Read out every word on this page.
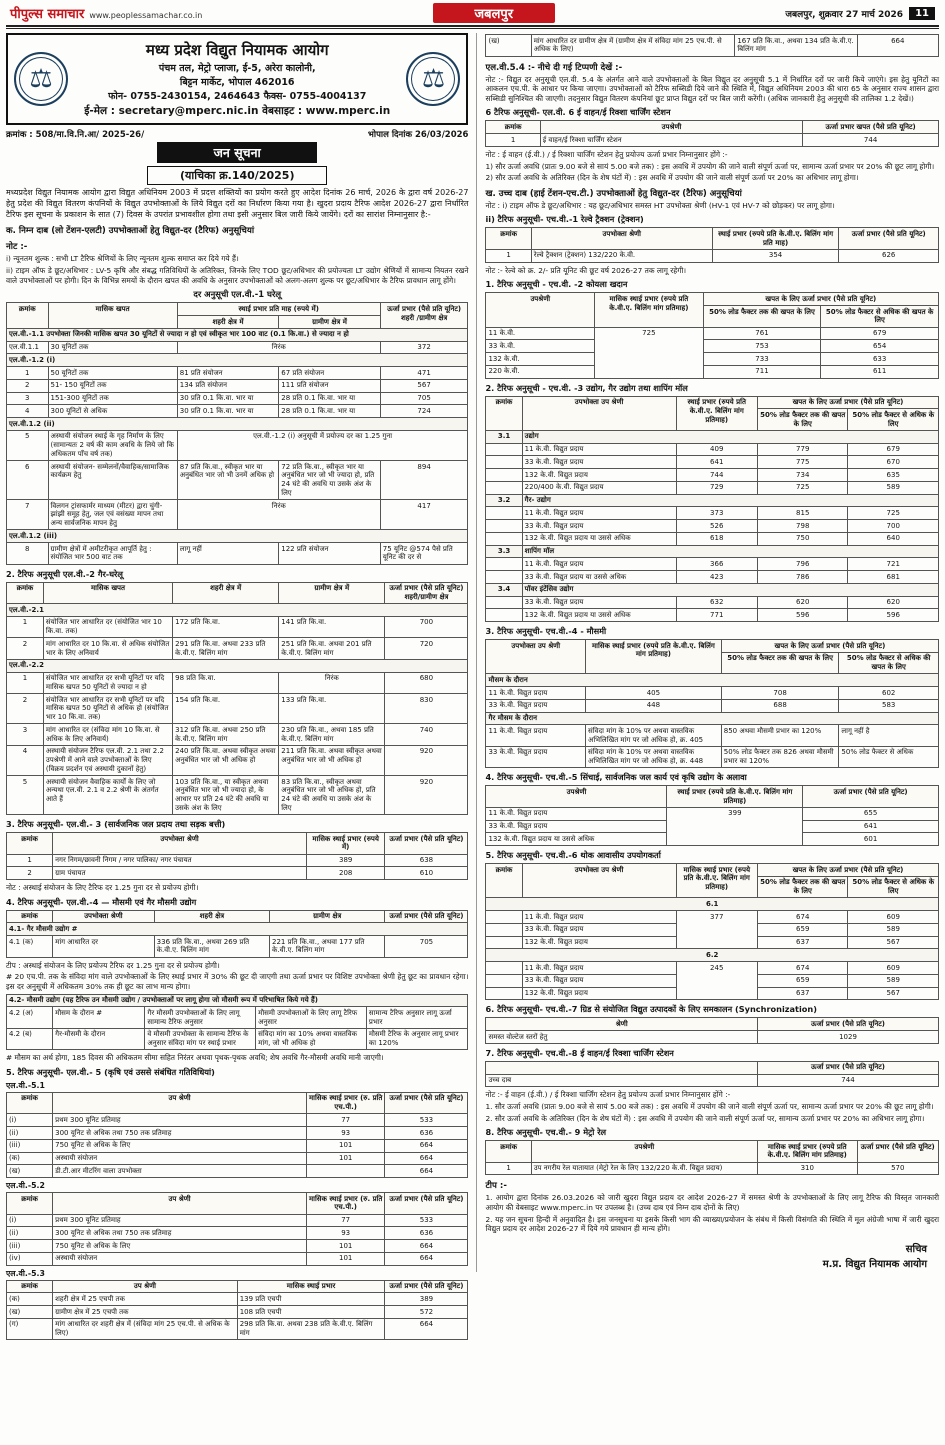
पीपुल्स समाचार www.peoplessamachar.co.in	जबलपुर	जबलपुर, शुक्रवार 27 मार्च 2026	11
⚖
मध्य प्रदेश विद्युत नियामक आयोग
पंचम तल, मेट्रो प्लाजा, ई-5, अरेरा कालोनी,
बिट्टन मार्केट, भोपाल 462016
फोन- 0755-2430154, 2464643 फैक्स- 0755-4004137
ई-मेल : secretary@mperc.nic.in वेबसाइट : www.mperc.in
⚖
क्रमांक : 508/मा.वि.नि.आ/ 2025-26/	भोपाल दिनांक 26/03/2026
जन सूचना
(याचिका क्र.140/2025)

मध्यप्रदेश विद्युत नियामक आयोग द्वारा विद्युत अधिनियम 2003 में प्रदत्त शक्तियों का प्रयोग करते हुए आदेश दिनांक 26 मार्च, 2026 के द्वारा वर्ष 2026-27 हेतु प्रदेश की विद्युत वितरण कंपनियों के विद्युत उपभोक्ताओं के लिये विद्युत दरों का निर्धारण किया गया है। खुदरा प्रदाय टैरिफ आदेश 2026-27 द्वारा निर्धारित टैरिफ इस सूचना के प्रकाशन के सात (7) दिवस के उपरांत प्रभावशील होगा तथा इसी अनुसार बिल जारी किये जायेंगे। दरों का सारांश निम्नानुसार है:-

क. निम्न दाब (लो टेंशन-एलटी) उपभोक्ताओं हेतु विद्युत-दर (टैरिफ) अनुसूचियां
नोट :-

i) न्यूनतम शुल्क : सभी LT टैरिफ श्रेणियों के लिए न्यूनतम शुल्क समाप्त कर दिये गये हैं।

ii) टाइम ऑफ डे छूट/अधिभार : LV-5 कृषि और संबद्ध गतिविधियों के अतिरिक्त, जिनके लिए TOD छूट/अधिभार की प्रयोज्यता LT उद्योग श्रेणियों में सामान्य नियतन रखने वाले उपभोक्ताओं पर होगी। दिन के विभिन्न समयों के दौरान खपत की अवधि के अनुसार उपभोक्ताओं को अलग-अलग शुल्क पर छूट/अधिभार के टैरिफ प्रावधान लागू होंगे।

दर अनुसूची एल.वी.-1 घरेलू
क्रमांक	मासिक खपत	स्थाई प्रभार प्रति माह (रुपये में)		ऊर्जा प्रभार (पैसे प्रति यूनिट) शहरी /ग्रामीण क्षेत्र
		शहरी क्षेत्र में	ग्रामीण क्षेत्र में	
एल.वी.-1.1 उपभोक्ता जिनकी मासिक खपत 30 यूनिटों से ज्यादा न हो एवं स्वीकृत भार 100 वाट (0.1 कि.वा.) से ज्यादा न हो				
एल.वी.1.1	30 यूनिटों तक	निरंक		372
एल.वी.-1.2 (i)				
1	50 यूनिटों तक	81 प्रति संयोजन	67 प्रति संयोजन	471
2	51- 150 यूनिटों तक	134 प्रति संयोजन	111 प्रति संयोजन	567
3	151-300 यूनिटों तक	30 प्रति 0.1 कि.वा. भार या	28 प्रति 0.1 कि.वा. भार या	705
4	300 यूनिटों से अधिक	30 प्रति 0.1 कि.वा. भार या	28 प्रति 0.1 कि.वा. भार या	724
एल.वी.1.2 (ii)				
5	अस्थायी संयोजन स्थाई के गृह निर्माण के लिए (सामान्यतः 2 वर्ष की काम अवधि के लिये जो कि अधिकतम पाँच वर्ष तक)	एल.वी.-1.2 (i) अनुसूची में प्रयोज्य दर का 1.25 गुना		
6	अस्थायी संयोजन- सम्मेलनों/वैवाहिक/सामाजिक कार्यक्रम हेतु	87 प्रति कि.वा., स्वीकृत भार या अनुबंधित भार जो भी उनमें अधिक हो	72 प्रति कि.वा., स्वीकृत भार या अनुबंधित भार जो भी ज्यादा हो, प्रति 24 घंटे की अवधि या उसके अंश के लिए	894
7	विलगन ट्रांसफार्मर माध्यम (मीटर) द्वारा चुंगी-झांझी समूह हेतु, जल एवं वसंख्या मापन तथा अन्य सार्वजनिक मापन हेतु	निरंक		417
एल.वी.1.2 (iii)				
8	ग्रामीण क्षेत्रों में अमीटरीकृत आपूर्ति हेतु : संयोजित भार 500 वाट तक	लागू नहीं	122 प्रति संयोजन	75 यूनिट @574 पैसे प्रति यूनिट की दर से
2. टैरिफ अनुसूची एल.वी.-2 गैर-घरेलू
क्रमांक	मासिक खपत	शहरी क्षेत्र में	ग्रामीण क्षेत्र में	ऊर्जा प्रभार (पैसे प्रति यूनिट) शहरी/ग्रामीण क्षेत्र
एल.वी.-2.1				
1	संयोजित भार आधारित दर (संयोजित भार 10 कि.वा. तक)	172 प्रति कि.वा.	141 प्रति कि.वा.	700
2	मांग आधारित दर 10 कि.वा. से अधिक संयोजित भार के लिए अनिवार्य	291 प्रति कि.वा. अथवा 233 प्रति के.वी.ए. बिलिंग मांग	251 प्रति कि.वा. अथवा 201 प्रति के.वी.ए. बिलिंग मांग	720
एल.वी.-2.2				
1	संयोजित भार आधारित दर सभी यूनिटों पर यदि मासिक खपत 50 यूनिटों से ज्यादा न हो	98 प्रति कि.वा.	निरंक	680
2	संयोजित भार आधारित दर सभी यूनिटों पर यदि मासिक खपत 50 यूनिटों से अधिक हो (संयोजित भार 10 कि.वा. तक)	154 प्रति कि.वा.	133 प्रति कि.वा.	830
3	मांग आधारित दर (संविदा मांग 10 कि.वा. से अधिक के लिए अनिवार्य)	312 प्रति कि.वा. अथवा 250 प्रति के.वी.ए. बिलिंग मांग	230 प्रति कि.वा., अथवा 185 प्रति के.वी.ए. बिलिंग मांग	740
4	अस्थायी संयोजन टैरिफ एल.वी. 2.1 तथा 2.2 उपश्रेणी में आने वाले उपभोक्ताओं के लिए (विक्रय प्रदर्शन एवं अस्थायी दुकानों हेतु)	240 प्रति कि.वा. अथवा स्वीकृत अथवा अनुबंधित भार जो भी अधिक हो	211 प्रति कि.वा. अथवा स्वीकृत अथवा अनुबंधित भार जो भी अधिक हो	920
5	अस्थायी संयोजन वैवाहिक कार्यों के लिए जो अन्यथा एल.वी. 2.1 व 2.2 श्रेणी के अंतर्गत आते हैं	103 प्रति कि.वा., या स्वीकृत अथवा अनुबंधित भार जो भी ज्यादा हो, के आधार पर प्रति 24 घंटे की अवधि या उसके अंश के लिए	83 प्रति कि.वा., स्वीकृत अथवा अनुबंधित भार जो भी अधिक हो, प्रति 24 घंटे की अवधि या उसके अंश के लिए	920
3. टैरिफ अनुसूची- एल.वी.- 3 (सार्वजनिक जल प्रदाय तथा सड़क बत्ती)
क्रमांक	उपभोक्ता श्रेणी	मासिक स्थाई प्रभार (रुपये में)	ऊर्जा प्रभार (पैसे प्रति यूनिट)
1	नगर निगम/छावनी निगम / नगर पालिका/ नगर पंचायत	389	638
2	ग्राम पंचायत	208	610

नोट : अस्थाई संयोजन के लिए टैरिफ दर 1.25 गुना दर से प्रयोज्य होगी।

4. टैरिफ अनुसूची- एल.वी.-4 — मौसमी एवं गैर मौसमी उद्योग
क्रमांक	उपभोक्ता श्रेणी	शहरी क्षेत्र	ग्रामीण क्षेत्र	ऊर्जा प्रभार (पैसे प्रति यूनिट)
4.1- गैर मौसमी उद्योग #				
4.1 (क)	मांग आधारित दर	336 प्रति कि.वा., अथवा 269 प्रति के.वी.ए. बिलिंग मांग	221 प्रति कि.वा., अथवा 177 प्रति के.वी.ए. बिलिंग मांग	705

टीप : अस्थाई संयोजन के लिए प्रयोज्य टैरिफ दर 1.25 गुना दर से प्रयोज्य होगी।

# 20 एच.पी. तक के संविदा मांग वाले उपभोक्ताओं के लिए स्थाई प्रभार में 30% की छूट दी जाएगी तथा ऊर्जा प्रभार पर विशिष्ट उपभोक्ता श्रेणी हेतु छूट का प्रावधान रहेगा। इस दर अनुसूची में अधिकतम 30% तक ही छूट का लाभ मान्य होगा।

4.2- मौसमी उद्योग (यह टैरिफ उन मौसमी उद्योग / उपभोक्ताओं पर लागू होगा जो मौसमी रूप में परिभाषित किये गये हैं)				
4.2 (अ)	मौसम के दौरान #	गैर मौसमी उपभोक्ताओं के लिए लागू सामान्य टैरिफ अनुसार	मौसमी उपभोक्ताओं के लिए लागू टैरिफ अनुसार	सामान्य टैरिफ अनुसार लागू ऊर्जा प्रभार
4.2 (ब)	गैर-मौसमी के दौरान	वे मौसमी उपभोक्ता के सामान्य टैरिफ के अनुसार संविदा मांग पर स्थाई प्रभार	संविदा मांग का 10% अथवा वास्तविक मांग, जो भी अधिक हो	मौसमी टैरिफ के अनुसार लागू प्रभार का 120%

# मौसम का अर्थ होगा, 185 दिवस की अधिकतम सीमा सहित निरंतर अथवा पृथक-पृथक अवधि; शेष अवधि गैर-मौसमी अवधि मानी जाएगी।

5. टैरिफ अनुसूची- एल.वी.- 5 (कृषि एवं उससे संबंधित गतिविधियां)
एल.वी.-5.1
क्रमांक	उप श्रेणी	मासिक स्थाई प्रभार (रु. प्रति एच.पी.)	ऊर्जा प्रभार (पैसे प्रति यूनिट)
(i)	प्रथम 300 यूनिट प्रतिमाह	77	533
(ii)	300 यूनिट से अधिक तथा 750 तक प्रतिमाह	93	636
(iii)	750 यूनिट से अधिक के लिए	101	664
(क)	अस्थायी संयोजन	101	664
(ख)	डी.टी.आर मीटरिंग वाला उपभोक्ता		664
एल.वी.-5.2
क्रमांक	उप श्रेणी	मासिक स्थाई प्रभार (रु. प्रति एच.पी.)	ऊर्जा प्रभार (पैसे प्रति यूनिट)
(i)	प्रथम 300 यूनिट प्रतिमाह	77	533
(ii)	300 यूनिट से अधिक तथा 750 तक प्रतिमाह	93	636
(iii)	750 यूनिट से अधिक के लिए	101	664
(iv)	अस्थायी संयोजन	101	664
एल.वी.-5.3
क्रमांक	उप श्रेणी	मासिक स्थाई प्रभार	ऊर्जा प्रभार (पैसे प्रति यूनिट)
(क)	शहरी क्षेत्र में 25 एचपी तक	139 प्रति एचपी	389
(ख)	ग्रामीण क्षेत्र में 25 एचपी तक	108 प्रति एचपी	572
(ग)	मांग आधारित दर शहरी क्षेत्र में (संविदा मांग 25 एच.पी. से अधिक के लिए)	298 प्रति कि.वा. अथवा 238 प्रति के.वी.ए. बिलिंग मांग	664
(ख)	मांग आधारित दर ग्रामीण क्षेत्र में (ग्रामीण क्षेत्र में संविदा मांग 25 एच.पी. से अधिक के लिए)	167 प्रति कि.वा., अथवा 134 प्रति के.वी.ए. बिलिंग मांग	664
एल.वी.5.4 :- नीचे दी गई टिप्पणी देखें :-

नोट :- विद्युत दर अनुसूची एल.वी. 5.4 के अंतर्गत आने वाले उपभोक्ताओं के बिल विद्युत दर अनुसूची 5.1 में निर्धारित दरों पर जारी किये जाएंगे। इस हेतु यूनिटों का आकलन एच.पी. के आधार पर किया जाएगा। उपभोक्ताओं को टैरिफ सब्सिडी दिये जाने की स्थिति में, विद्युत अधिनियम 2003 की धारा 65 के अनुसार राज्य शासन द्वारा सब्सिडी सुनिश्चित की जाएगी। तदनुसार विद्युत वितरण कंपनियां छूट प्राप्त विद्युत दरों पर बिल जारी करेंगी। (अधिक जानकारी हेतु अनुसूची की तालिका 1.2 देखें।)

6 टैरिफ अनुसूची- एल.वी. 6 ई वाहन/ई रिक्शा चार्जिंग स्टेशन
क्रमांक	उपश्रेणी	ऊर्जा प्रभार खपत (पैसे प्रति यूनिट)
1	ई वाहन/ई रिक्शा चार्जिंग स्टेशन	744

नोट : ई वाहन (ई.वी.) / ई रिक्शा चार्जिंग स्टेशन हेतु प्रयोज्य ऊर्जा प्रभार निम्नानुसार होंगे :-

1) सौर ऊर्जा अवधि (प्रातः 9.00 बजे से सायं 5.00 बजे तक) : इस अवधि में उपयोग की जाने वाली संपूर्ण ऊर्जा पर, सामान्य ऊर्जा प्रभार पर 20% की छूट लागू होगी।

2) सौर ऊर्जा अवधि के अतिरिक्त (दिन के शेष घंटों में) : इस अवधि में उपयोग की जाने वाली संपूर्ण ऊर्जा पर 20% का अधिभार लागू होगा।

ख. उच्च दाब (हाई टेंशन-एच.टी.) उपभोक्ताओं हेतु विद्युत-दर (टैरिफ) अनुसूचियां

नोट : i) टाइम ऑफ डे छूट/अधिभार : यह छूट/अधिभार समस्त HT उपभोक्ता श्रेणी (HV-1 एवं HV-7 को छोड़कर) पर लागू होगा।

ii) टैरिफ अनुसूची- एच.वी.-1 रेल्वे ट्रैक्शन (ट्रेक्शन)
क्रमांक	उपभोक्ता श्रेणी	स्थाई प्रभार (रुपये प्रति के.वी.ए. बिलिंग मांग प्रति माह)	ऊर्जा प्रभार (पैसे प्रति यूनिट)
1	रेल्वे ट्रैक्शन (ट्रेक्शन) 132/220 के.वी.	354	626

नोट :- रेल्वे को क्र. 2/- प्रति यूनिट की छूट वर्ष 2026-27 तक लागू रहेगी।

1. टैरिफ अनुसूची - एच.वी. -2 कोयला खदान
उपश्रेणी	मासिक स्थाई प्रभार (रुपये प्रति के.वी.ए. बिलिंग मांग प्रतिमाह)	खपत के लिए ऊर्जा प्रभार (पैसे प्रति यूनिट)	
		50% लोड फैक्टर तक की खपत के लिए	50% लोड फैक्टर से अधिक की खपत के लिए
11 के.वी.	725	761	679
33 के.वी.		753	654
132 के.वी.		733	633
220 के.वी.		711	611
2. टैरिफ अनुसूची - एच.वी. -3 उद्योग, गैर उद्योग तथा शापिंग मॉल
क्रमांक	उपभोक्ता उप श्रेणी	स्थाई प्रभार (रुपये प्रति के.वी.ए. बिलिंग मांग प्रतिमाह)	खपत के लिए ऊर्जा प्रभार (पैसे प्रति यूनिट)	
			50% लोड फैक्टर तक की खपत के लिए	50% लोड फैक्टर से अधिक के लिए
3.1	उद्योग			
	11 के.वी. विद्युत प्रदाय	409	779	679
	33 के.वी. विद्युत प्रदाय	641	775	670
	132 के.वी. विद्युत प्रदाय	744	734	635
	220/400 के.वी. विद्युत प्रदाय	729	725	589
3.2	गैर- उद्योग			
	11 के.वी. विद्युत प्रदाय	373	815	725
	33 के.वी. विद्युत प्रदाय	526	798	700
	132 के.वी. विद्युत प्रदाय या उससे अधिक	618	750	640
3.3	शापिंग मॉल			
	11 के.वी. विद्युत प्रदाय	366	796	721
	33 के.वी. विद्युत प्रदाय या उससे अधिक	423	786	681
3.4	पॉवर इंटेंसिव उद्योग			
	33 के.वी. विद्युत प्रदाय	632	620	620
	132 के.वी. विद्युत प्रदाय या उससे अधिक	771	596	596
3. टैरिफ अनुसूची- एच.वी.-4 - मौसमी
उपभोक्ता उप श्रेणी	मासिक स्थाई प्रभार (रुपये प्रति के.वी.ए. बिलिंग मांग प्रतिमाह)	खपत के लिए ऊर्जा प्रभार (पैसे प्रति यूनिट)	
		50% लोड फैक्टर तक की खपत के लिए	50% लोड फैक्टर से अधिक की खपत के लिए
मौसम के दौरान			
11 के.वी. विद्युत प्रदाय	405	708	602
33 के.वी. विद्युत प्रदाय	448	688	583
गैर मौसम के दौरान			
11 के.वी. विद्युत प्रदाय	संविदा मांग के 10% पर अथवा वास्तविक अभिलिखित मांग पर जो अधिक हो, क्र. 405	850 अथवा मौसमी प्रभार का 120%	लागू नहीं है
33 के.वी. विद्युत प्रदाय	संविदा मांग के 10% पर अथवा वास्तविक अभिलिखित मांग पर जो अधिक हो, क्र. 448	50% लोड फैक्टर तक 826 अथवा मौसमी प्रभार का 120%	50% लोड फैक्टर से अधिक
4. टैरिफ अनुसूची- एच.वी.-5 सिंचाई, सार्वजनिक जल कार्य एवं कृषि उद्योग के अलावा
उपश्रेणी	स्थाई प्रभार (रुपये प्रति के.वी.ए. बिलिंग मांग प्रतिमाह)	ऊर्जा प्रभार (पैसे प्रति यूनिट)
11 के.वी. विद्युत प्रदाय	399	655
33 के.वी. विद्युत प्रदाय		641
132 के.वी. विद्युत प्रदाय या उससे अधिक		601
5. टैरिफ अनुसूची- एच.वी.-6 थोक आवासीय उपयोगकर्ता
क्रमांक	उपभोक्ता उप श्रेणी	मासिक स्थाई प्रभार (रुपये प्रति के.वी.ए. बिलिंग मांग प्रतिमाह)	खपत के लिए ऊर्जा प्रभार (पैसे प्रति यूनिट)	
			50% लोड फैक्टर तक की खपत के लिए	50% लोड फैक्टर से अधिक के लिए
6.1				
	11 के.वी. विद्युत प्रदाय	377	674	609
	33 के.वी. विद्युत प्रदाय		659	589
	132 के.वी. विद्युत प्रदाय		637	567
6.2				
	11 के.वी. विद्युत प्रदाय	245	674	609
	33 के.वी. विद्युत प्रदाय		659	589
	132 के.वी. विद्युत प्रदाय		637	567
6. टैरिफ अनुसूची- एच.वी.-7 ग्रिड से संयोजित विद्युत उत्पादकों के लिए समकालन (Synchronization)
श्रेणी	ऊर्जा प्रभार (पैसे प्रति यूनिट)
समस्त वोल्टेज स्तरों हेतु	1029
7. टैरिफ अनुसूची- एच.वी.-8 ई वाहन/ई रिक्शा चार्जिंग स्टेशन
	ऊर्जा प्रभार (पैसे प्रति यूनिट)
उच्च दाब	744

नोट :- ई वाहन (ई.वी.) / ई रिक्शा चार्जिंग स्टेशन हेतु प्रयोज्य ऊर्जा प्रभार निम्नानुसार होंगे :-

1. सौर ऊर्जा अवधि (प्रातः 9.00 बजे से सायं 5.00 बजे तक) : इस अवधि में उपयोग की जाने वाली संपूर्ण ऊर्जा पर, सामान्य ऊर्जा प्रभार पर 20% की छूट लागू होगी।

2. सौर ऊर्जा अवधि के अतिरिक्त (दिन के शेष घंटों में) : इस अवधि में उपयोग की जाने वाली संपूर्ण ऊर्जा पर, सामान्य ऊर्जा प्रभार पर 20% का अधिभार लागू होगा।

8. टैरिफ अनुसूची- एच.वी.- 9 मेट्रो रेल
क्रमांक	उपश्रेणी	मासिक स्थाई प्रभार (रुपये प्रति के.वी.ए. बिलिंग मांग प्रतिमाह)	ऊर्जा प्रभार (पैसे प्रति यूनिट)
1	उप नगरीय रेल यातायात (मेट्रो रेल के लिए 132/220 के.वी. विद्युत प्रदाय)	310	570
टीप :-

1. आयोग द्वारा दिनांक 26.03.2026 को जारी खुदरा विद्युत प्रदाय दर आदेश 2026-27 में समस्त श्रेणी के उपभोक्ताओं के लिए लागू टैरिफ की विस्तृत जानकारी आयोग की वेबसाइट www.mperc.in पर उपलब्ध है। (उच्च दाब एवं निम्न दाब दोनों के लिए)

2. यह जन सूचना हिन्दी में अनुवादित है। इस जनसूचना या इसके किसी भाग की व्याख्या/प्रयोजन के संबंध में किसी विसंगति की स्थिति में मूल अंग्रेजी भाषा में जारी खुदरा विद्युत प्रदाय दर आदेश 2026-27 में दिये गये प्रावधान ही मान्य होंगे।

सचिव
म.प्र. विद्युत नियामक आयोग
